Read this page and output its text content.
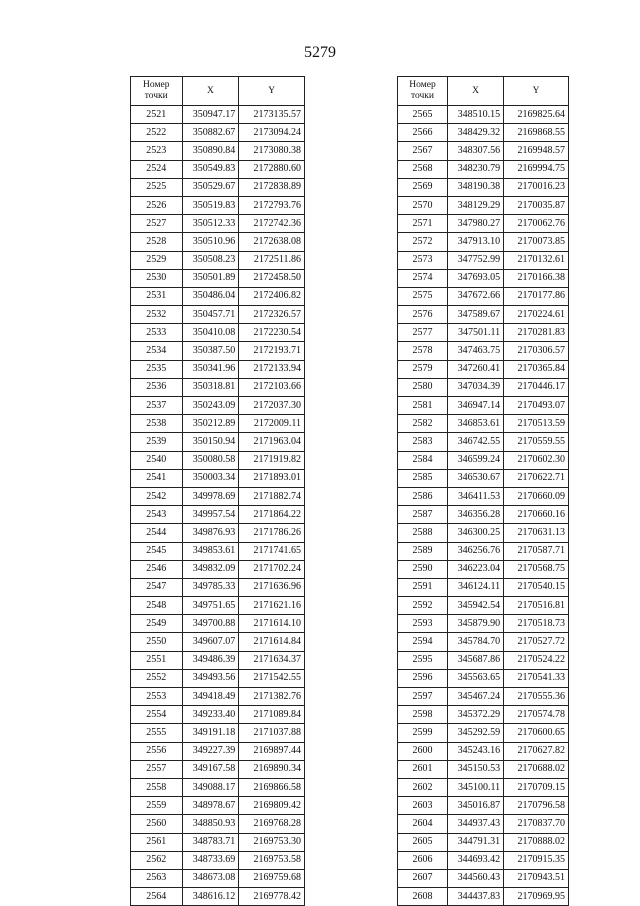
5279
Номер точки	X	Y
2521	350947.17	2173135.57
2522	350882.67	2173094.24
2523	350890.84	2173080.38
2524	350549.83	2172880.60
2525	350529.67	2172838.89
2526	350519.83	2172793.76
2527	350512.33	2172742.36
2528	350510.96	2172638.08
2529	350508.23	2172511.86
2530	350501.89	2172458.50
2531	350486.04	2172406.82
2532	350457.71	2172326.57
2533	350410.08	2172230.54
2534	350387.50	2172193.71
2535	350341.96	2172133.94
2536	350318.81	2172103.66
2537	350243.09	2172037.30
2538	350212.89	2172009.11
2539	350150.94	2171963.04
2540	350080.58	2171919.82
2541	350003.34	2171893.01
2542	349978.69	2171882.74
2543	349957.54	2171864.22
2544	349876.93	2171786.26
2545	349853.61	2171741.65
2546	349832.09	2171702.24
2547	349785.33	2171636.96
2548	349751.65	2171621.16
2549	349700.88	2171614.10
2550	349607.07	2171614.84
2551	349486.39	2171634.37
2552	349493.56	2171542.55
2553	349418.49	2171382.76
2554	349233.40	2171089.84
2555	349191.18	2171037.88
2556	349227.39	2169897.44
2557	349167.58	2169890.34
2558	349088.17	2169866.58
2559	348978.67	2169809.42
2560	348850.93	2169768.28
2561	348783.71	2169753.30
2562	348733.69	2169753.58
2563	348673.08	2169759.68
2564	348616.12	2169778.42
Номер точки	X	Y
2565	348510.15	2169825.64
2566	348429.32	2169868.55
2567	348307.56	2169948.57
2568	348230.79	2169994.75
2569	348190.38	2170016.23
2570	348129.29	2170035.87
2571	347980.27	2170062.76
2572	347913.10	2170073.85
2573	347752.99	2170132.61
2574	347693.05	2170166.38
2575	347672.66	2170177.86
2576	347589.67	2170224.61
2577	347501.11	2170281.83
2578	347463.75	2170306.57
2579	347260.41	2170365.84
2580	347034.39	2170446.17
2581	346947.14	2170493.07
2582	346853.61	2170513.59
2583	346742.55	2170559.55
2584	346599.24	2170602.30
2585	346530.67	2170622.71
2586	346411.53	2170660.09
2587	346356.28	2170660.16
2588	346300.25	2170631.13
2589	346256.76	2170587.71
2590	346223.04	2170568.75
2591	346124.11	2170540.15
2592	345942.54	2170516.81
2593	345879.90	2170518.73
2594	345784.70	2170527.72
2595	345687.86	2170524.22
2596	345563.65	2170541.33
2597	345467.24	2170555.36
2598	345372.29	2170574.78
2599	345292.59	2170600.65
2600	345243.16	2170627.82
2601	345150.53	2170688.02
2602	345100.11	2170709.15
2603	345016.87	2170796.58
2604	344937.43	2170837.70
2605	344791.31	2170888.02
2606	344693.42	2170915.35
2607	344560.43	2170943.51
2608	344437.83	2170969.95
